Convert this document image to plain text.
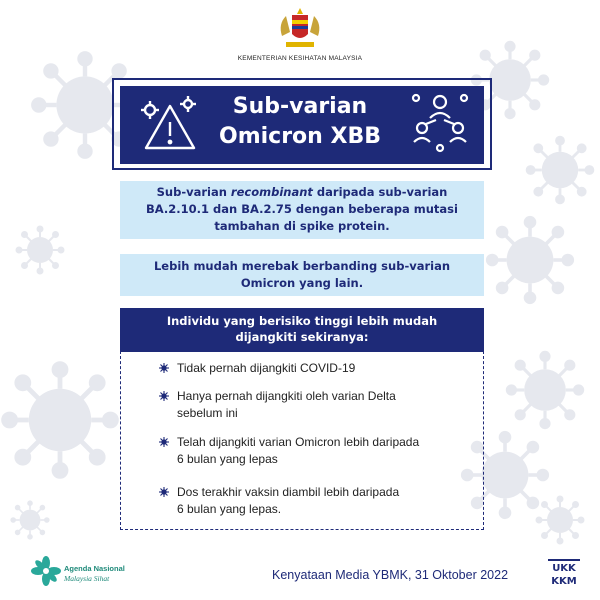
KEMENTERIAN KESIHATAN MALAYSIA
Sub-varian
Omicron XBB
Sub-varian recombinant daripada sub-varian
BA.2.10.1 dan BA.2.75 dengan beberapa mutasi
tambahan di spike protein.
Lebih mudah merebak berbanding sub-varian
Omicron yang lain.
Individu yang berisiko tinggi lebih mudah
dijangkiti sekiranya:
Tidak pernah dijangkiti COVID-19
Hanya pernah dijangkiti oleh varian Delta
sebelum ini
Telah dijangkiti varian Omicron lebih daripada
6 bulan yang lepas
Dos terakhir vaksin diambil lebih daripada
6 bulan yang lepas.
Agenda Nasional
Malaysia Sihat	Kenyataan Media YBMK, 31 Oktober 2022	UKK
KKM
